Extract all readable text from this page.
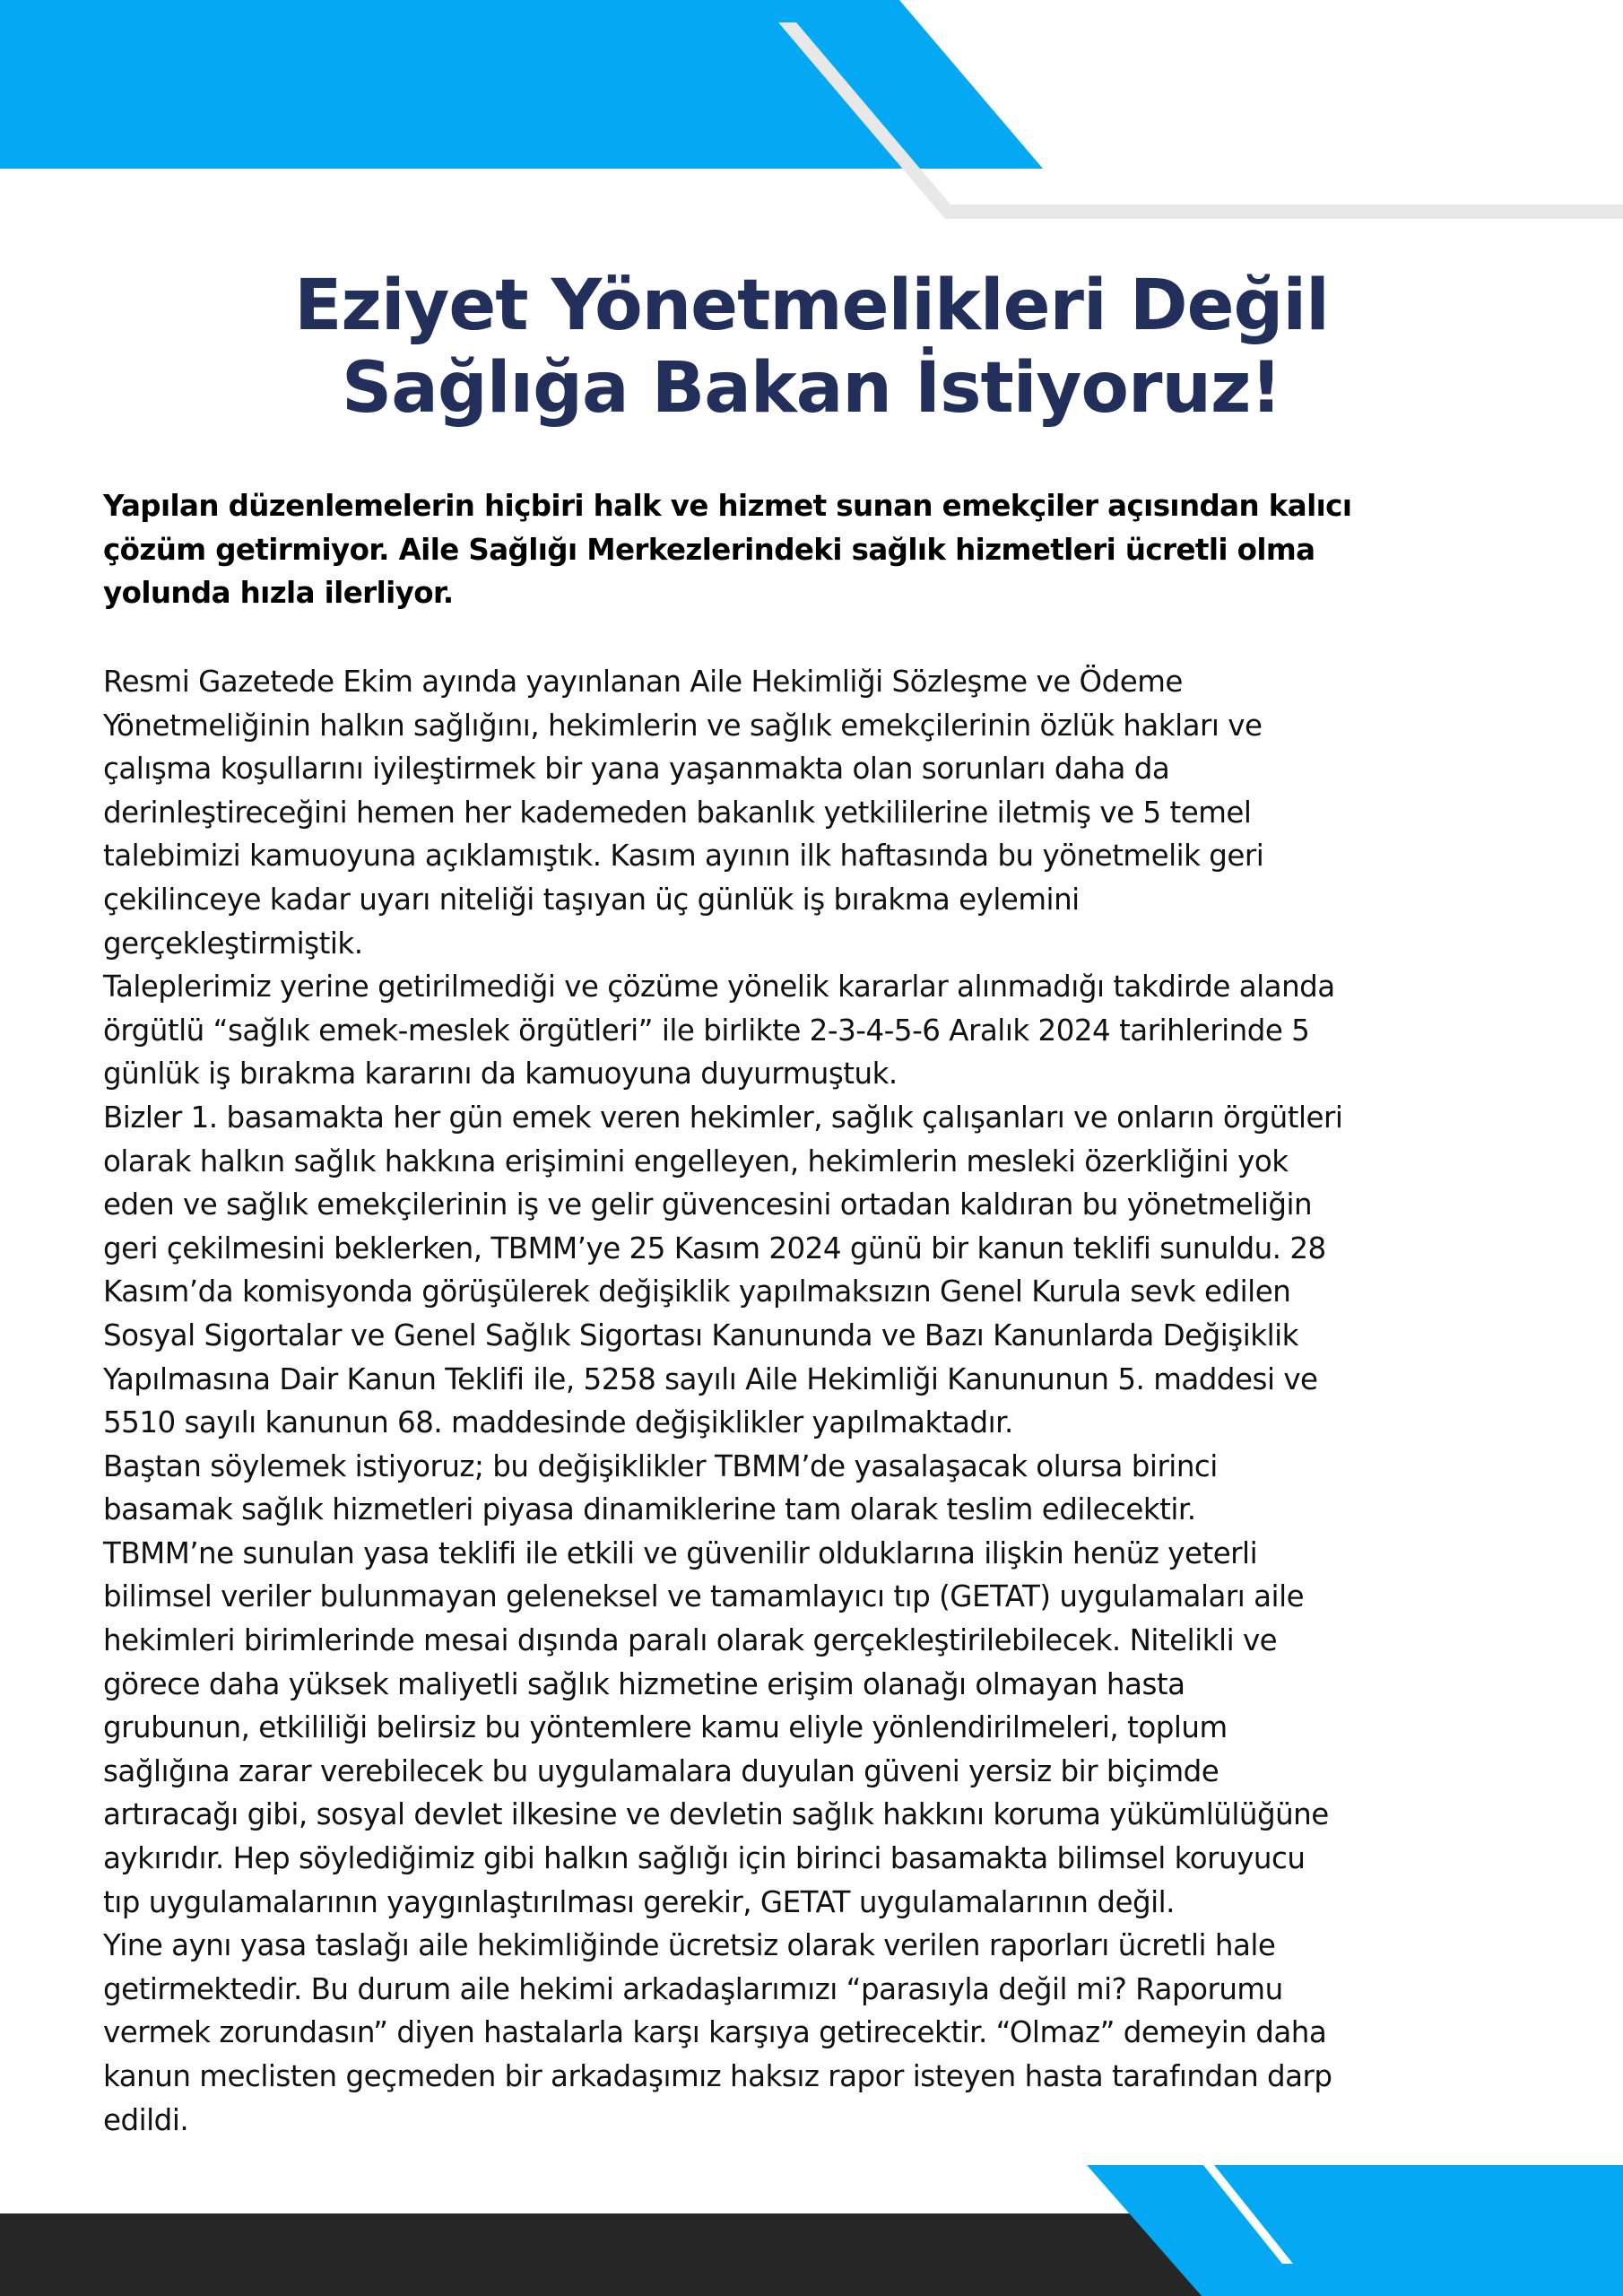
Eziyet Yönetmelikleri Değil
Sağlığa Bakan İstiyoruz!
Yapılan düzenlemelerin hiçbiri halk ve hizmet sunan emekçiler açısından kalıcı
çözüm getirmiyor. Aile Sağlığı Merkezlerindeki sağlık hizmetleri ücretli olma
yolunda hızla ilerliyor.
Resmi Gazetede Ekim ayında yayınlanan Aile Hekimliği Sözleşme ve Ödeme
Yönetmeliğinin halkın sağlığını, hekimlerin ve sağlık emekçilerinin özlük hakları ve
çalışma koşullarını iyileştirmek bir yana yaşanmakta olan sorunları daha da
derinleştireceğini hemen her kademeden bakanlık yetkililerine iletmiş ve 5 temel
talebimizi kamuoyuna açıklamıştık. Kasım ayının ilk haftasında bu yönetmelik geri
çekilinceye kadar uyarı niteliği taşıyan üç günlük iş bırakma eylemini
gerçekleştirmiştik.
Taleplerimiz yerine getirilmediği ve çözüme yönelik kararlar alınmadığı takdirde alanda
örgütlü “sağlık emek-meslek örgütleri” ile birlikte 2-3-4-5-6 Aralık 2024 tarihlerinde 5
günlük iş bırakma kararını da kamuoyuna duyurmuştuk.
Bizler 1. basamakta her gün emek veren hekimler, sağlık çalışanları ve onların örgütleri
olarak halkın sağlık hakkına erişimini engelleyen, hekimlerin mesleki özerkliğini yok
eden ve sağlık emekçilerinin iş ve gelir güvencesini ortadan kaldıran bu yönetmeliğin
geri çekilmesini beklerken, TBMM’ye 25 Kasım 2024 günü bir kanun teklifi sunuldu. 28
Kasım’da komisyonda görüşülerek değişiklik yapılmaksızın Genel Kurula sevk edilen
Sosyal Sigortalar ve Genel Sağlık Sigortası Kanununda ve Bazı Kanunlarda Değişiklik
Yapılmasına Dair Kanun Teklifi ile, 5258 sayılı Aile Hekimliği Kanununun 5. maddesi ve
5510 sayılı kanunun 68. maddesinde değişiklikler yapılmaktadır.
Baştan söylemek istiyoruz; bu değişiklikler TBMM’de yasalaşacak olursa birinci
basamak sağlık hizmetleri piyasa dinamiklerine tam olarak teslim edilecektir.
TBMM’ne sunulan yasa teklifi ile etkili ve güvenilir olduklarına ilişkin henüz yeterli
bilimsel veriler bulunmayan geleneksel ve tamamlayıcı tıp (GETAT) uygulamaları aile
hekimleri birimlerinde mesai dışında paralı olarak gerçekleştirilebilecek. Nitelikli ve
görece daha yüksek maliyetli sağlık hizmetine erişim olanağı olmayan hasta
grubunun, etkililiği belirsiz bu yöntemlere kamu eliyle yönlendirilmeleri, toplum
sağlığına zarar verebilecek bu uygulamalara duyulan güveni yersiz bir biçimde
artıracağı gibi, sosyal devlet ilkesine ve devletin sağlık hakkını koruma yükümlülüğüne
aykırıdır. Hep söylediğimiz gibi halkın sağlığı için birinci basamakta bilimsel koruyucu
tıp uygulamalarının yaygınlaştırılması gerekir, GETAT uygulamalarının değil.
Yine aynı yasa taslağı aile hekimliğinde ücretsiz olarak verilen raporları ücretli hale
getirmektedir. Bu durum aile hekimi arkadaşlarımızı “parasıyla değil mi? Raporumu
vermek zorundasın” diyen hastalarla karşı karşıya getirecektir. “Olmaz” demeyin daha
kanun meclisten geçmeden bir arkadaşımız haksız rapor isteyen hasta tarafından darp
edildi.
